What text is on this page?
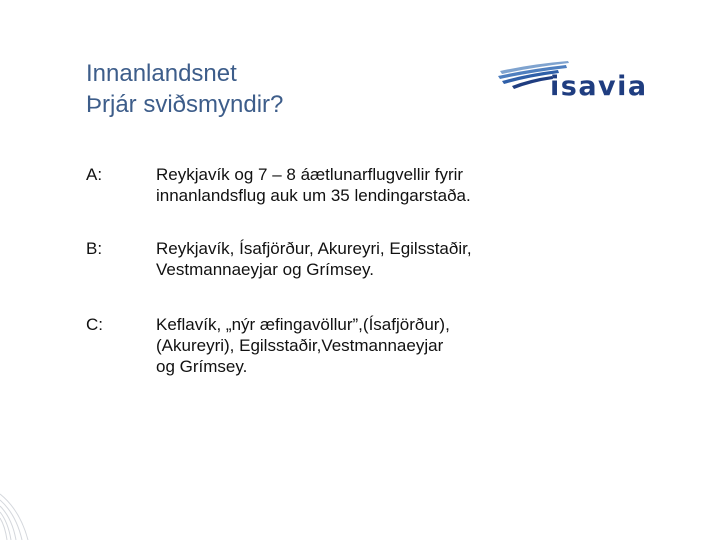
Innanlandsnet
Þrjár sviðsmyndir?
isavia
A:	Reykjavík og 7 – 8 áætlunarflugvellir fyrir
innanlandsflug auk um 35 lendingarstaða.
B:	Reykjavík, Ísafjörður, Akureyri, Egilsstaðir,
Vestmannaeyjar og Grímsey.
C:	Keflavík, „nýr æfingavöllur”,(Ísafjörður),
(Akureyri), Egilsstaðir,Vestmannaeyjar
og Grímsey.
